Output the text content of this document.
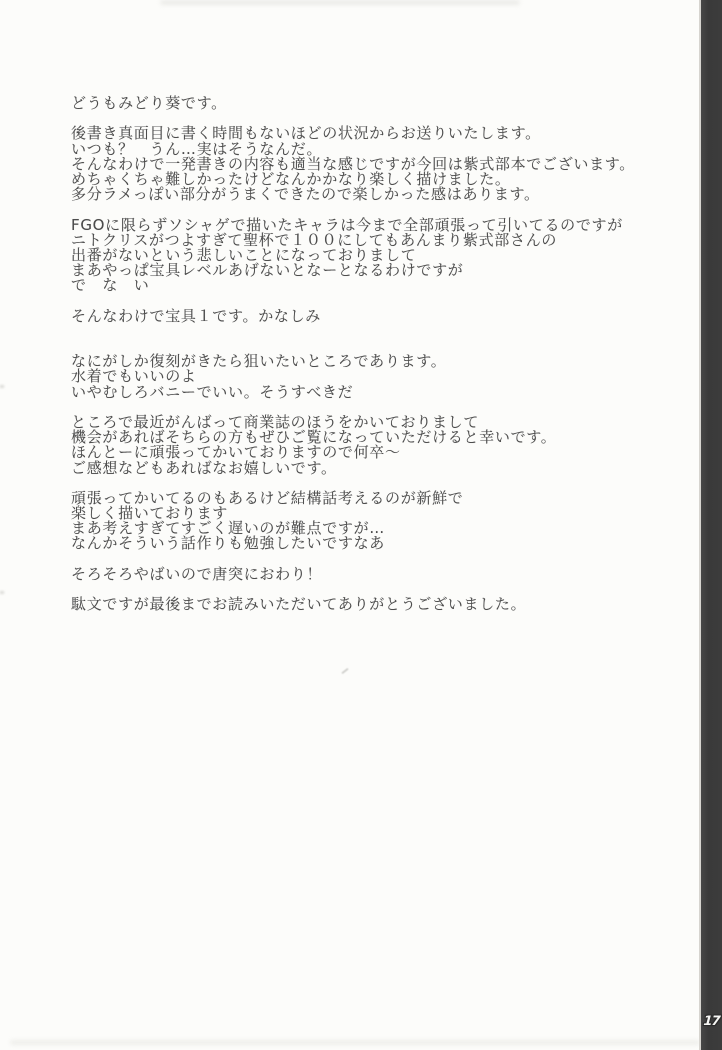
どうもみどり葵です。

後書き真面目に書く時間もないほどの状況からお送りいたします。
いつも？　うん…実はそうなんだ。
そんなわけで一発書きの内容も適当な感じですが今回は紫式部本でございます。
めちゃくちゃ難しかったけどなんかかなり楽しく描けました。
多分ラメっぽい部分がうまくできたので楽しかった感はあります。

FGOに限らずソシャゲで描いたキャラは今まで全部頑張って引いてるのですが
ニトクリスがつよすぎて聖杯で１００にしてもあんまり紫式部さんの
出番がないという悲しいことになっておりまして
まあやっぱ宝具レベルあげないとなーとなるわけですが
で　な　い

そんなわけで宝具１です。かなしみ

なにがしか復刻がきたら狙いたいところであります。
水着でもいいのよ
いやむしろバニーでいい。そうすべきだ

ところで最近がんばって商業誌のほうをかいておりまして
機会があればそちらの方もぜひご覧になっていただけると幸いです。
ほんとーに頑張ってかいておりますので何卒～
ご感想などもあればなお嬉しいです。

頑張ってかいてるのもあるけど結構話考えるのが新鮮で
楽しく描いております
まあ考えすぎてすごく遅いのが難点ですが…
なんかそういう話作りも勉強したいですなあ

そろそろやばいので唐突におわり！

駄文ですが最後までお読みいただいてありがとうございました。
17
